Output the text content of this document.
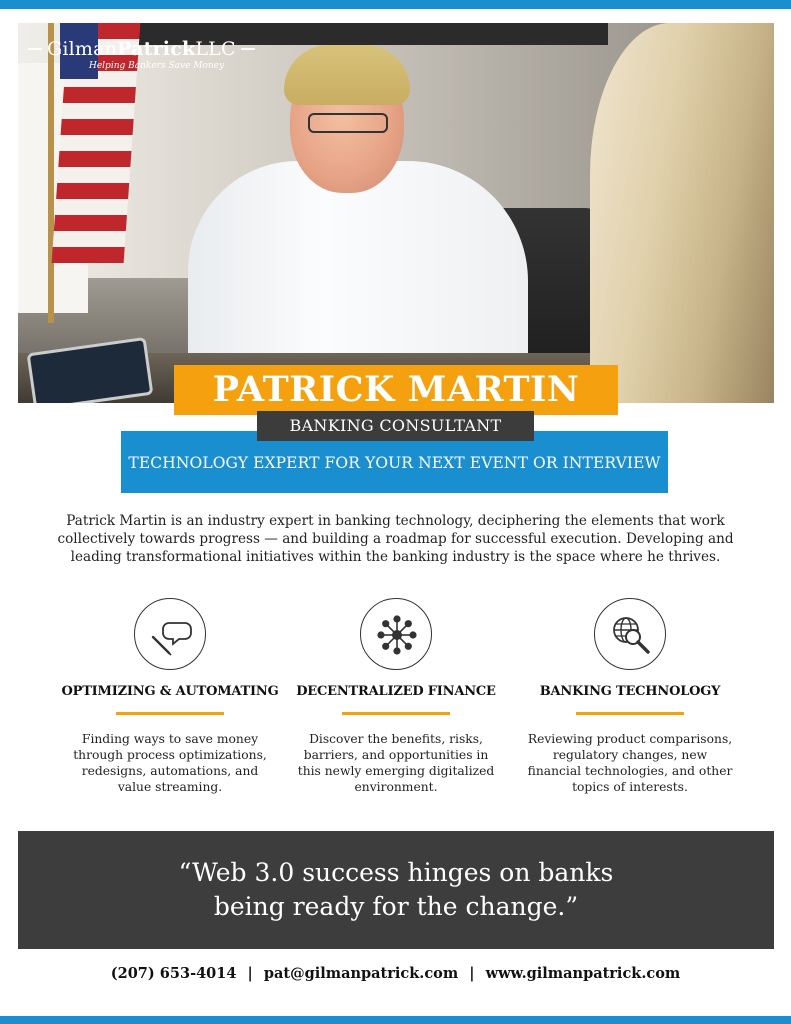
GilmanPatrickLLC
Helping Bankers Save Money
PATRICK MARTIN
TECHNOLOGY EXPERT FOR YOUR NEXT EVENT OR INTERVIEW
BANKING CONSULTANT

Patrick Martin is an industry expert in banking technology, deciphering the elements that work collectively towards progress — and building a roadmap for successful execution. Developing and leading transformational initiatives within the banking industry is the space where he thrives.

OPTIMIZING & AUTOMATING
Finding ways to save money through process optimizations, redesigns, automations, and value streaming.
DECENTRALIZED FINANCE
Discover the benefits, risks, barriers, and opportunities in this newly emerging digitalized environment.
BANKING TECHNOLOGY
Reviewing product comparisons, regulatory changes, new financial technologies, and other topics of interests.
“Web 3.0 success hinges on banks being ready for the change.”
(207) 653-4014 | pat@gilmanpatrick.com | www.gilmanpatrick.com
